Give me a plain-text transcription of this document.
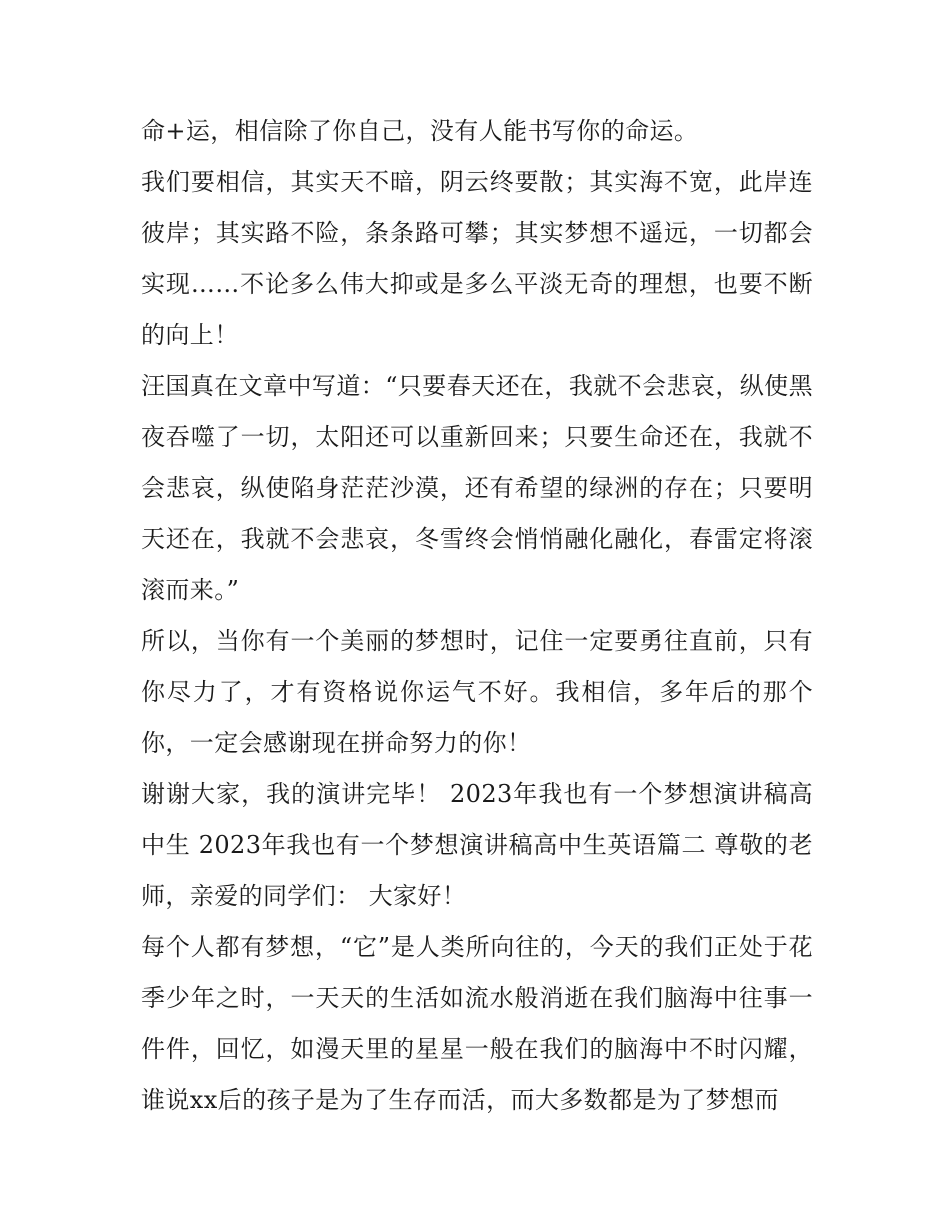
命+运，相信除了你自己，没有人能书写你的命运。

我们要相信，其实天不暗，阴云终要散；其实海不宽，此岸连彼岸；其实路不险，条条路可攀；其实梦想不遥远，一切都会实现……不论多么伟大抑或是多么平淡无奇的理想，也要不断的向上！

汪国真在文章中写道：“只要春天还在，我就不会悲哀，纵使黑夜吞噬了一切，太阳还可以重新回来；只要生命还在，我就不会悲哀，纵使陷身茫茫沙漠，还有希望的绿洲的存在；只要明天还在，我就不会悲哀，冬雪终会悄悄融化融化，春雷定将滚滚而来。”

所以，当你有一个美丽的梦想时，记住一定要勇往直前，只有你尽力了，才有资格说你运气不好。我相信，多年后的那个你，一定会感谢现在拼命努力的你！

谢谢大家，我的演讲完毕！ 2023年我也有一个梦想演讲稿高中生 2023年我也有一个梦想演讲稿高中生英语篇二 尊敬的老师，亲爱的同学们： 大家好！

每个人都有梦想，“它”是人类所向往的，今天的我们正处于花季少年之时，一天天的生活如流水般消逝在我们脑海中往事一件件，回忆，如漫天里的星星一般在我们的脑海中不时闪耀，谁说xx后的孩子是为了生存而活，而大多数都是为了梦想而
